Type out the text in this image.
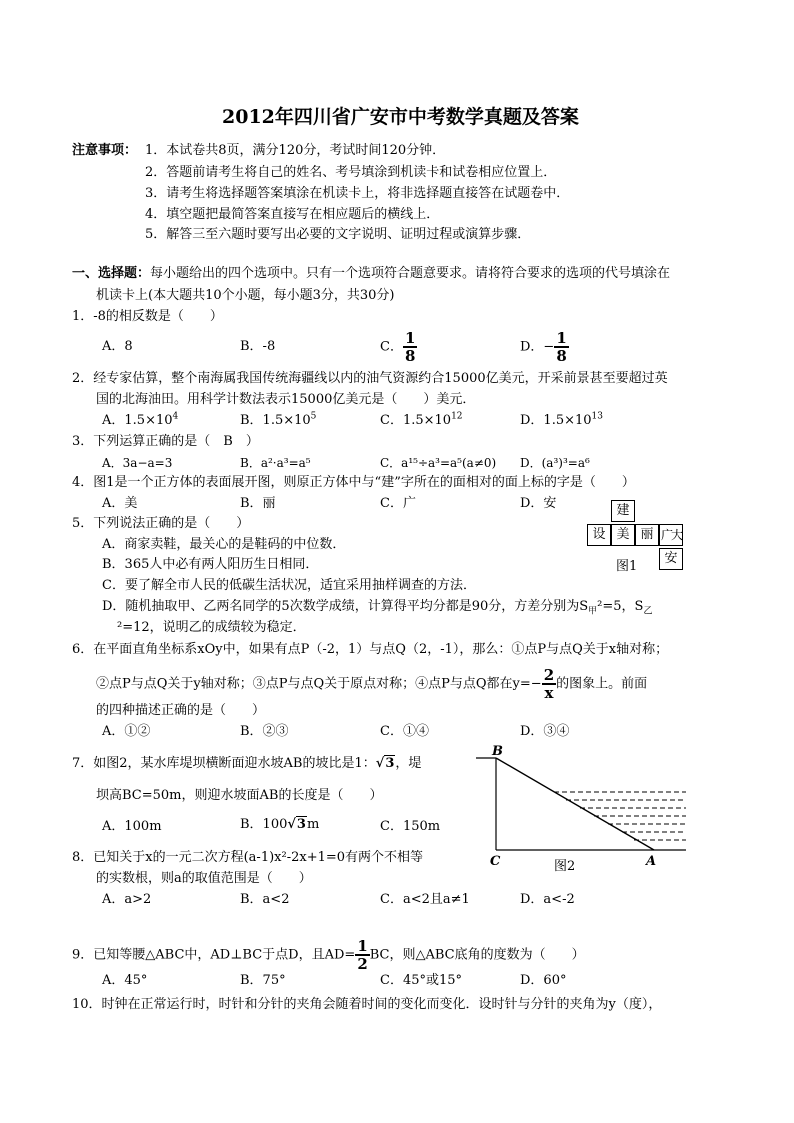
2012年四川省广安市中考数学真题及答案
注意事项： 1．本试卷共8页，满分120分，考试时间120分钟．
2．答题前请考生将自己的姓名、考号填涂到机读卡和试卷相应位置上．
3．请考生将选择题答案填涂在机读卡上，将非选择题直接答在试题卷中．
4．填空题把最简答案直接写在相应题后的横线上．
5．解答三至六题时要写出必要的文字说明、证明过程或演算步骤．
一、选择题：每小题给出的四个选项中。只有一个选项符合题意要求。请将符合要求的选项的代号填涂在
机读卡上(本大题共10个小题，每小题3分，共30分)
1．-8的相反数是（　　）
A．8	B．-8	C． $\frac{1}{8}$	D．− $\frac{1}{8}$
2．经专家估算，整个南海属我国传统海疆线以内的油气资源约合15000亿美元，开采前景甚至要超过英
国的北海油田。用科学计数法表示15000亿美元是（　　）美元．
A．$1.5\times 10^4$	B．$1.5\times 10^5$	C．$1.5\times 10^{12}$	D．$1.5\times 10^{13}$
3．下列运算正确的是（　B　）
A．3a−a=3	B．a²·a³=a⁵	C．a¹⁵÷a³=a⁵(a≠0) D．(a³)³=a⁶
4．图1是一个正方体的表面展开图，则原正方体中与“建”字所在的面相对的面上标的字是（　　）
A．美	B．丽	C．广	D．安	建
设 美 丽 广大
安
图1
5．下列说法正确的是（　　）
A．商家卖鞋，最关心的是鞋码的中位数．
B．365人中必有两人阳历生日相同．
C．要了解全市人民的低碳生活状况，适宜采用抽样调查的方法．
D．随机抽取甲、乙两名同学的5次数学成绩，计算得平均分都是90分，方差分别为$S_甲^2=5$，$S_乙$
²=12，说明乙的成绩较为稳定．
6．在平面直角坐标系xOy中，如果有点P（-2，1）与点Q（2，-1），那么：①点P与点Q关于x轴对称；
②点P与点Q关于y轴对称；③点P与点Q关于原点对称；④点P与点Q都在$y=- \frac{2}{x}$ 的图象上。前面
的四种描述正确的是（　　）
A．①②	B．②③	C．①④	D．③④
7．如图2，某水库堤坝横断面迎水坡AB的坡比是1：√3，堤
坝高BC=50m，则迎水坡面AB的长度是（　　）
A．100m	B．100√3m	C．150m
B
C	A
图2
8．已知关于x的一元二次方程(a-1)x²-2x+1=0有两个不相等
的实数根，则a的取值范围是（　　）
A．a>2	B．a<2	C．a<2且a≠1	D．a<-2
9．已知等腰△ABC中，AD⊥BC于点D，且$AD= \frac{1}{2}$ BC，则△ABC底角的度数为（　　）
A．45°	B．75°	C．45°或15°	D．60°
10．时钟在正常运行时，时针和分针的夹角会随着时间的变化而变化．设时针与分针的夹角为y（度），
